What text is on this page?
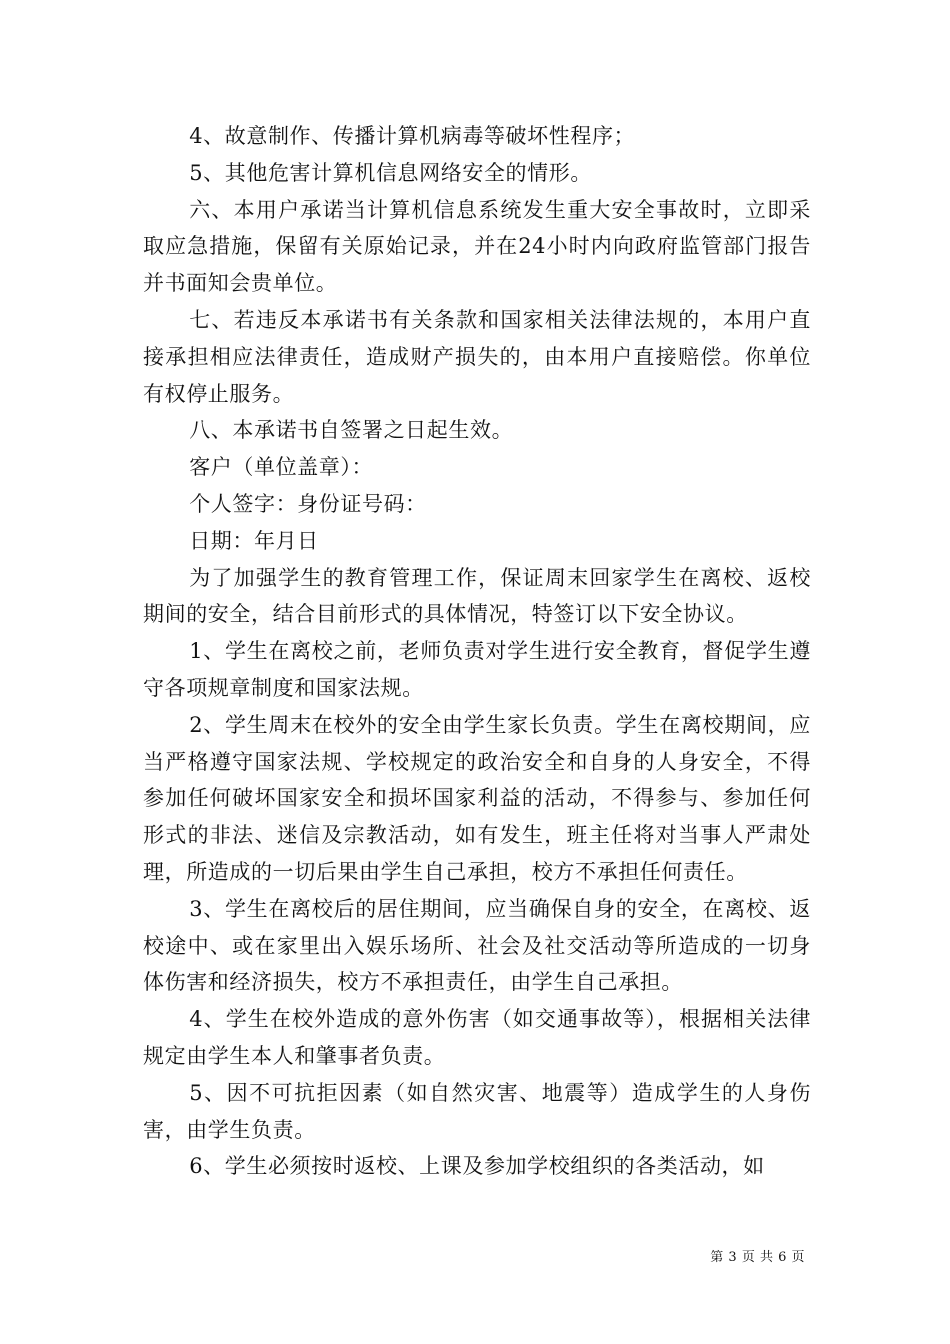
4、故意制作、传播计算机病毒等破坏性程序；

5、其他危害计算机信息网络安全的情形。

六、本用户承诺当计算机信息系统发生重大安全事故时，立即采取应急措施，保留有关原始记录，并在24小时内向政府监管部门报告并书面知会贵单位。

七、若违反本承诺书有关条款和国家相关法律法规的，本用户直接承担相应法律责任，造成财产损失的，由本用户直接赔偿。你单位有权停止服务。

八、本承诺书自签署之日起生效。

客户（单位盖章）：

个人签字：身份证号码：

日期：年月日

为了加强学生的教育管理工作，保证周末回家学生在离校、返校期间的安全，结合目前形式的具体情况，特签订以下安全协议。

1、学生在离校之前，老师负责对学生进行安全教育，督促学生遵守各项规章制度和国家法规。

2、学生周末在校外的安全由学生家长负责。学生在离校期间，应当严格遵守国家法规、学校规定的政治安全和自身的人身安全，不得参加任何破坏国家安全和损坏国家利益的活动，不得参与、参加任何形式的非法、迷信及宗教活动，如有发生，班主任将对当事人严肃处理，所造成的一切后果由学生自己承担，校方不承担任何责任。

3、学生在离校后的居住期间，应当确保自身的安全，在离校、返校途中、或在家里出入娱乐场所、社会及社交活动等所造成的一切身体伤害和经济损失，校方不承担责任，由学生自己承担。

4、学生在校外造成的意外伤害（如交通事故等），根据相关法律规定由学生本人和肇事者负责。

5、因不可抗拒因素（如自然灾害、地震等）造成学生的人身伤害，由学生负责。

6、学生必须按时返校、上课及参加学校组织的各类活动，如

第 3 页 共 6 页
